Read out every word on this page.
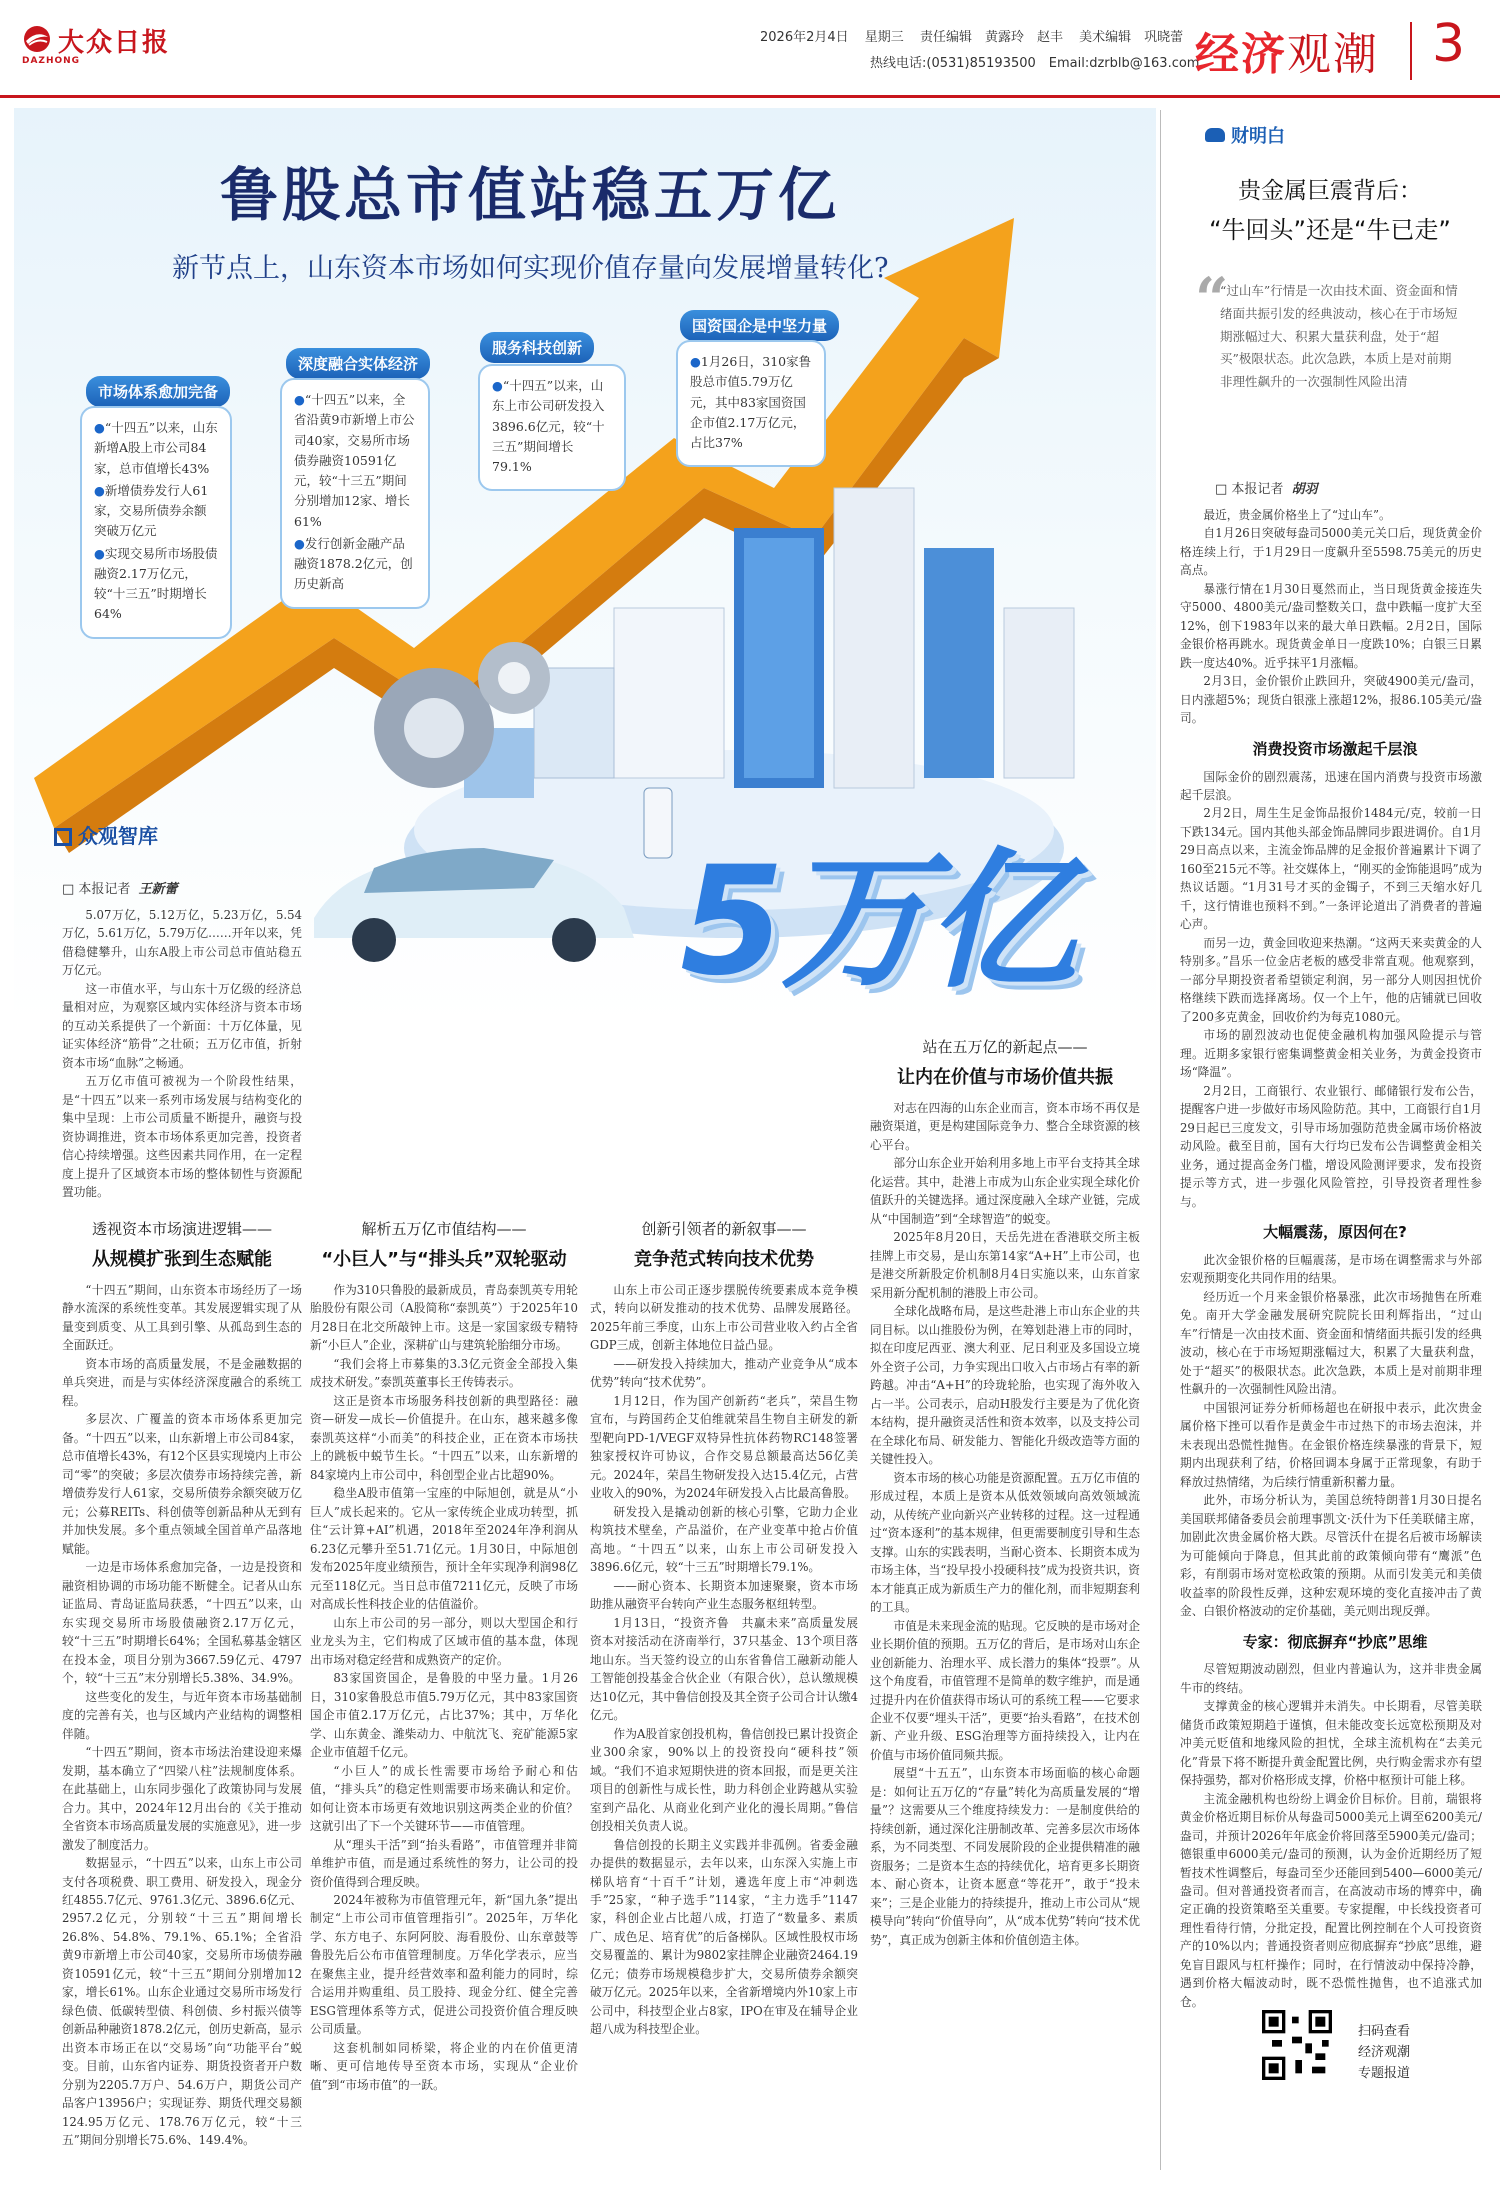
大众日报
DAZHONG
2026年2月4日 星期三 责任编辑　黄露玲　赵丰 美术编辑　巩晓蕾
热线电话:(0531)85193500　Email:dzrblb@163.com
经济观潮 3
鲁股总市值站稳五万亿
新节点上，山东资本市场如何实现价值存量向发展增量转化?
市场体系愈加完备
深度融合实体经济
服务科技创新
国资国企是中坚力量

●“十四五”以来，山东新增A股上市公司84家，总市值增长43%

●新增债券发行人61家，交易所债券余额突破万亿元

●实现交易所市场股债融资2.17万亿元，较“十三五”时期增长64%

●“十四五”以来，全省沿黄9市新增上市公司40家，交易所市场债券融资10591亿元，较“十三五”期间分别增加12家、增长61%

●发行创新金融产品融资1878.2亿元，创历史新高

●“十四五”以来，山东上市公司研发投入3896.6亿元，较“十三五”期间增长79.1%

●1月26日，310家鲁股总市值5.79万亿元，其中83家国资国企市值2.17万亿元，占比37%

5万亿
众观智库
□ 本报记者 王新蕾

5.07万亿，5.12万亿，5.23万亿，5.54万亿，5.61万亿，5.79万亿……开年以来，凭借稳健攀升，山东A股上市公司总市值站稳五万亿元。

这一市值水平，与山东十万亿级的经济总量相对应，为观察区域内实体经济与资本市场的互动关系提供了一个新面：十万亿体量，见证实体经济“筋骨”之壮硕；五万亿市值，折射资本市场“血脉”之畅通。

五万亿市值可被视为一个阶段性结果，是“十四五”以来一系列市场发展与结构变化的集中呈现：上市公司质量不断提升，融资与投资协调推进，资本市场体系更加完善，投资者信心持续增强。这些因素共同作用，在一定程度上提升了区域资本市场的整体韧性与资源配置功能。

透视资本市场演进逻辑——
从规模扩张到生态赋能

“十四五”期间，山东资本市场经历了一场静水流深的系统性变革。其发展逻辑实现了从量变到质变、从工具到引擎、从孤岛到生态的全面跃迁。

资本市场的高质量发展，不是金融数据的单兵突进，而是与实体经济深度融合的系统工程。

多层次、广覆盖的资本市场体系更加完备。“十四五”以来，山东新增上市公司84家，总市值增长43%，有12个区县实现境内上市公司“零”的突破；多层次债券市场持续完善，新增债券发行人61家，交易所债券余额突破万亿元；公募REITs、科创债等创新品种从无到有并加快发展。多个重点领域全国首单产品落地赋能。

一边是市场体系愈加完备，一边是投资和融资相协调的市场功能不断健全。记者从山东证监局、青岛证监局获悉，“十四五”以来，山东实现交易所市场股债融资2.17万亿元，较“十三五”时期增长64%；全国私募基金辖区在投本金，项目分别为3667.59亿元、4797个，较“十三五”末分别增长5.38%、34.9%。

这些变化的发生，与近年资本市场基础制度的完善有关，也与区域内产业结构的调整相伴随。

“十四五”期间，资本市场法治建设迎来爆发期，基本确立了“四梁八柱”法规制度体系。在此基础上，山东同步强化了政策协同与发展合力。其中，2024年12月出台的《关于推动全省资本市场高质量发展的实施意见》，进一步激发了制度活力。

数据显示，“十四五”以来，山东上市公司支付各项税费、职工费用、研发投入，现金分红4855.7亿元、9761.3亿元、3896.6亿元、2957.2亿元，分别较“十三五”期间增长26.8%、54.8%、79.1%、65.1%；全省沿黄9市新增上市公司40家，交易所市场债券融资10591亿元，较“十三五”期间分别增加12家，增长61%。山东企业通过交易所市场发行绿色债、低碳转型债、科创债、乡村振兴债等创新品种融资1878.2亿元，创历史新高，显示出资本市场正在以“交易场”向“功能平台”蜕变。目前，山东省内证券、期货投资者开户数分别为2205.7万户、54.6万户，期货公司产品客户13956户；实现证券、期货代理交易额124.95万亿元、178.76万亿元，较“十三五”期间分别增长75.6%、149.4%。

解析五万亿市值结构——
“小巨人”与“排头兵”双轮驱动

作为310只鲁股的最新成员，青岛泰凯英专用轮胎股份有限公司（A股简称“泰凯英”）于2025年10月28日在北交所敲钟上市。这是一家国家级专精特新“小巨人”企业，深耕矿山与建筑轮胎细分市场。

“我们会将上市募集的3.3亿元资金全部投入集成技术研发。”泰凯英董事长王传铸表示。

这正是资本市场服务科技创新的典型路径：融资—研发—成长—价值提升。在山东，越来越多像泰凯英这样“小而美”的科技企业，正在资本市场扶上的跳板中蜕节生长。“十四五”以来，山东新增的84家境内上市公司中，科创型企业占比超90%。

稳坐A股市值第一宝座的中际旭创，就是从“小巨人”成长起来的。它从一家传统企业成功转型，抓住“云计算+AI”机遇，2018年至2024年净利润从6.23亿元攀升至51.71亿元。1月30日，中际旭创发布2025年度业绩预告，预计全年实现净利润98亿元至118亿元。当日总市值7211亿元，反映了市场对高成长性科技企业的估值溢价。

山东上市公司的另一部分，则以大型国企和行业龙头为主，它们构成了区域市值的基本盘，体现出市场对稳定经营和成熟资产的定价。

83家国资国企，是鲁股的中坚力量。1月26日，310家鲁股总市值5.79万亿元，其中83家国资国企市值2.17万亿元，占比37%；其中，万华化学、山东黄金、潍柴动力、中航沈飞、兖矿能源5家企业市值超千亿元。

“小巨人”的成长性需要市场给予耐心和估值，“排头兵”的稳定性则需要市场来确认和定价。如何让资本市场更有效地识别这两类企业的价值？这就引出了下一个关键环节——市值管理。

从“理头干活”到“抬头看路”，市值管理并非简单维护市值，而是通过系统性的努力，让公司的投资价值得到合理反映。

2024年被称为市值管理元年，新“国九条”提出制定“上市公司市值管理指引”。2025年，万华化学、东方电子、东阿阿胶、海看股份、山东章鼓等鲁股先后公布市值管理制度。万华化学表示，应当在聚焦主业，提升经营效率和盈利能力的同时，综合运用并购重组、员工股持、现金分红、健全完善ESG管理体系等方式，促进公司投资价值合理反映公司质量。

这套机制如同桥梁，将企业的内在价值更清晰、更可信地传导至资本市场，实现从“企业价值”到“市场市值”的一跃。

创新引领者的新叙事——
竞争范式转向技术优势

山东上市公司正逐步摆脱传统要素成本竞争模式，转向以研发推动的技术优势、品牌发展路径。2025年前三季度，山东上市公司营业收入约占全省GDP三成，创新主体地位日益凸显。

——研发投入持续加大，推动产业竞争从“成本优势”转向“技术优势”。

1月12日，作为国产创新药“老兵”，荣昌生物宣布，与跨国药企艾伯维就荣昌生物自主研发的新型靶向PD-1/VEGF双特异性抗体药物RC148签署独家授权许可协议，合作交易总额最高达56亿美元。2024年，荣昌生物研发投入达15.4亿元，占营业收入的90%，为2024年研发投入占比最高鲁股。

研发投入是撬动创新的核心引擎，它助力企业构筑技术壁垒，产品溢价，在产业变革中抢占价值高地。“十四五”以来，山东上市公司研发投入3896.6亿元，较“十三五”时期增长79.1%。

——耐心资本、长期资本加速聚聚，资本市场助推从融资平台转向产业生态服务枢纽转型。

1月13日，“投资齐鲁　共赢未来”高质量发展资本对接活动在济南举行，37只基金、13个项目落地山东。当天签约设立的山东省鲁信工融新动能人工智能创投基金合伙企业（有限合伙），总认缴规模达10亿元，其中鲁信创投及其全资子公司合计认缴4亿元。

作为A股首家创投机构，鲁信创投已累计投资企业300余家，90%以上的投资投向“硬科技”领域。“我们不追求短期快进的资本回报，而是更关注项目的创新性与成长性，助力科创企业跨越从实验室到产品化、从商业化到产业化的漫长周期。”鲁信创投相关负责人说。

鲁信创投的长期主义实践并非孤例。省委金融办提供的数据显示，去年以来，山东深入实施上市梯队培育“十百千”计划，遴选年度上市“冲刺选手”25家，“种子选手”114家，“主力选手”1147家，科创企业占比超八成，打造了“数量多、素质广、成色足、培育优”的后备梯队。区域性股权市场交易覆盖的、累计为9802家挂牌企业融资2464.19亿元；债券市场规模稳步扩大，交易所债券余额突破万亿元。2025年以来，全省新增境内外10家上市公司中，科技型企业占8家，IPO在审及在辅导企业超八成为科技型企业。

站在五万亿的新起点——
让内在价值与市场价值共振

对志在四海的山东企业而言，资本市场不再仅是融资渠道，更是构建国际竞争力、整合全球资源的核心平台。

部分山东企业开始利用多地上市平台支持其全球化运营。其中，赴港上市成为山东企业实现全球化价值跃升的关键选择。通过深度融入全球产业链，完成从“中国制造”到“全球智造”的蜕变。

2025年8月20日，天岳先进在香港联交所主板挂牌上市交易，是山东第14家“A+H”上市公司，也是港交所新股定价机制8月4日实施以来，山东首家采用新分配机制的港股上市公司。

全球化战略布局，是这些赴港上市山东企业的共同目标。以山推股份为例，在筹划赴港上市的同时，拟在印度尼西亚、澳大利亚、尼日利亚及多国设立境外全资子公司，力争实现出口收入占市场占有率的新跨越。冲击“A+H”的玲珑轮胎，也实现了海外收入占一半。公司表示，启动H股发行主要是为了优化资本结构，提升融资灵活性和资本效率，以及支持公司在全球化布局、研发能力、智能化升级改造等方面的关键性投入。

资本市场的核心功能是资源配置。五万亿市值的形成过程，本质上是资本从低效领域向高效领域流动，从传统产业向新兴产业转移的过程。这一过程通过“资本逐利”的基本规律，但更需要制度引导和生态支撑。山东的实践表明，当耐心资本、长期资本成为市场主体，当“投早投小投硬科技”成为投资共识，资本才能真正成为新质生产力的催化剂，而非短期套利的工具。

市值是未来现金流的贴现。它反映的是市场对企业长期价值的预期。五万亿的背后，是市场对山东企业创新能力、治理水平、成长潜力的集体“投票”。从这个角度看，市值管理不是简单的数字维护，而是通过提升内在价值获得市场认可的系统工程——它要求企业不仅要“埋头干活”，更要“抬头看路”，在技术创新、产业升级、ESG治理等方面持续投入，让内在价值与市场价值同频共振。

展望“十五五”，山东资本市场面临的核心命题是：如何让五万亿的“存量”转化为高质量发展的“增量”？这需要从三个维度持续发力：一是制度供给的持续创新，通过深化注册制改革、完善多层次市场体系，为不同类型、不同发展阶段的企业提供精准的融资服务；二是资本生态的持续优化，培育更多长期资本、耐心资本，让资本愿意“等花开”，敢于“投未来”；三是企业能力的持续提升，推动上市公司从“规模导向”转向“价值导向”，从“成本优势”转向“技术优势”，真正成为创新主体和价值创造主体。

财明白
贵金属巨震背后：
“牛回头”还是“牛已走”
“
“过山车”行情是一次由技术面、资金面和情绪面共振引发的经典波动，核心在于市场短期涨幅过大、积累大量获利盘，处于“超买”极限状态。此次急跌，本质上是对前期非理性飙升的一次强制性风险出清
□ 本报记者 胡羽

最近，贵金属价格坐上了“过山车”。

自1月26日突破每盎司5000美元关口后，现货黄金价格连续上行，于1月29日一度飙升至5598.75美元的历史高点。

暴涨行情在1月30日戛然而止，当日现货黄金接连失守5000、4800美元/盎司整数关口，盘中跌幅一度扩大至12%，创下1983年以来的最大单日跌幅。2月2日，国际金银价格再跳水。现货黄金单日一度跌10%；白银三日累跌一度达40%。近乎抹平1月涨幅。

2月3日，金价银价止跌回升，突破4900美元/盎司，日内涨超5%；现货白银涨上涨超12%，报86.105美元/盎司。

消费投资市场激起千层浪

国际金价的剧烈震荡，迅速在国内消费与投资市场激起千层浪。

2月2日，周生生足金饰品报价1484元/克，较前一日下跌134元。国内其他头部金饰品牌同步跟进调价。自1月29日高点以来，主流金饰品牌的足金报价普遍累计下调了160至215元不等。社交媒体上，“刚买的金饰能退吗”成为热议话题。“1月31号才买的金镯子，不到三天缩水好几千，这行情谁也预料不到。”一条评论道出了消费者的普遍心声。

而另一边，黄金回收迎来热潮。“这两天来卖黄金的人特别多。”昌乐一位金店老板的感受非常直观。他观察到，一部分早期投资者希望锁定利润，另一部分人则因担忧价格继续下跌而选择离场。仅一个上午，他的店铺就已回收了200多克黄金，回收价约为每克1080元。

市场的剧烈波动也促使金融机构加强风险提示与管理。近期多家银行密集调整黄金相关业务，为黄金投资市场“降温”。

2月2日，工商银行、农业银行、邮储银行发布公告，提醒客户进一步做好市场风险防范。其中，工商银行自1月29日起已三度发文，引导市场加强防范贵金属市场价格波动风险。截至目前，国有大行均已发布公告调整黄金相关业务，通过提高金务门槛，增设风险测评要求，发布投资提示等方式，进一步强化风险管控，引导投资者理性参与。

大幅震荡，原因何在?

此次金银价格的巨幅震荡，是市场在调整需求与外部宏观预期变化共同作用的结果。

经历近一个月来金银价格暴涨，此次市场抛售在所难免。南开大学金融发展研究院院长田利辉指出，“过山车”行情是一次由技术面、资金面和情绪面共振引发的经典波动，核心在于市场短期涨幅过大，积累了大量获利盘，处于“超买”的极限状态。此次急跌，本质上是对前期非理性飙升的一次强制性风险出清。

中国银河证券分析师杨超也在研报中表示，此次贵金属价格下挫可以看作是黄金牛市过热下的市场去泡沫，并未表现出恐慌性抛售。在金银价格连续暴涨的背景下，短期内出现获利了结，价格回调本身属于正常现象，有助于释放过热情绪，为后续行情重新积蓄力量。

此外，市场分析认为，美国总统特朗普1月30日提名美国联邦储备委员会前理事凯文·沃什为下任美联储主席，加剧此次贵金属价格大跌。尽管沃什在提名后被市场解读为可能倾向于降息，但其此前的政策倾向带有“鹰派”色彩，有削弱市场对宽松政策的预期。从而引发美元和美债收益率的阶段性反弹，这种宏观环境的变化直接冲击了黄金、白银价格波动的定价基础，美元则出现反弹。

专家：彻底摒弃“抄底”思维

尽管短期波动剧烈，但业内普遍认为，这并非贵金属牛市的终结。

支撑黄金的核心逻辑并未消失。中长期看，尽管美联储货币政策短期趋于谨慎，但未能改变长远宽松预期及对冲美元贬值和地缘风险的担忧，全球主流机构在“去美元化”背景下将不断提升黄金配置比例，央行购金需求亦有望保持强势，都对价格形成支撑，价格中枢预计可能上移。

主流金融机构也纷纷上调金价目标价。目前，瑞银将黄金价格近期目标价从每盎司5000美元上调至6200美元/盎司，并预计2026年年底金价将回落至5900美元/盎司；德银重申6000美元/盎司的预测，认为金价近期经历了短暂技术性调整后，每盎司至少还能回到5400—6000美元/盎司。但对普通投资者而言，在高波动市场的博弈中，确定正确的投资策略至关重要。专家提醒，中长线投资者可理性看待行情，分批定投，配置比例控制在个人可投资资产的10%以内；普通投资者则应彻底摒弃“抄底”思维，避免盲目跟风与杠杆操作；同时，在行情波动中保持冷静，遇到价格大幅波动时，既不恐慌性抛售，也不追涨式加仓。

扫码查看
经济观潮
专题报道
